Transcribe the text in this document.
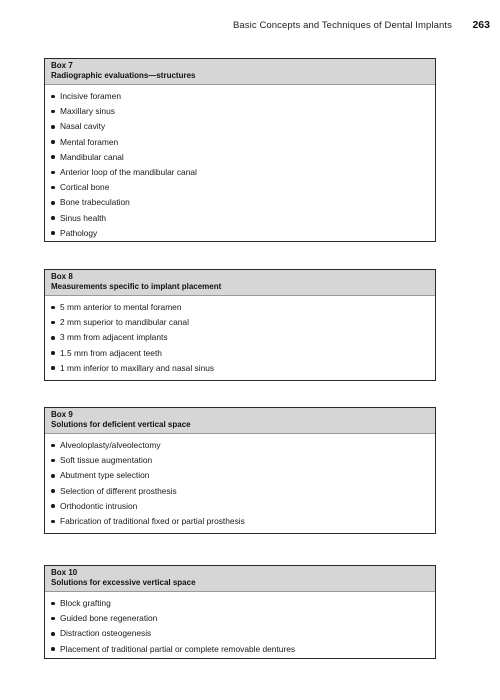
Basic Concepts and Techniques of Dental Implants 263
Box 7
Radiographic evaluations—structures
Incisive foramen
Maxillary sinus
Nasal cavity
Mental foramen
Mandibular canal
Anterior loop of the mandibular canal
Cortical bone
Bone trabeculation
Sinus health
Pathology
Box 8
Measurements specific to implant placement
5 mm anterior to mental foramen
2 mm superior to mandibular canal
3 mm from adjacent implants
1.5 mm from adjacent teeth
1 mm inferior to maxillary and nasal sinus
Box 9
Solutions for deficient vertical space
Alveoloplasty/alveolectomy
Soft tissue augmentation
Abutment type selection
Selection of different prosthesis
Orthodontic intrusion
Fabrication of traditional fixed or partial prosthesis
Box 10
Solutions for excessive vertical space
Block grafting
Guided bone regeneration
Distraction osteogenesis
Placement of traditional partial or complete removable dentures
